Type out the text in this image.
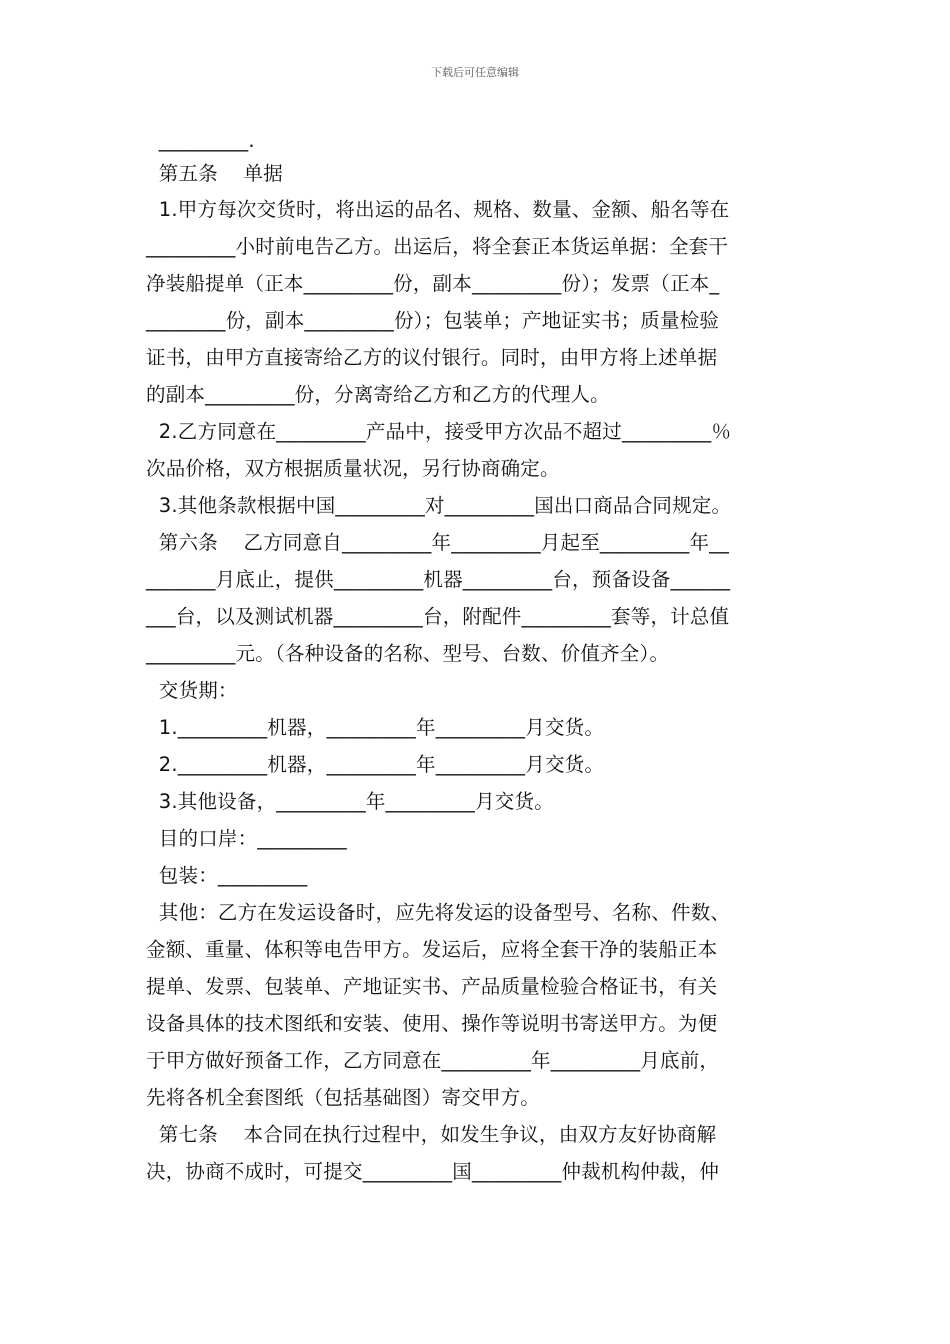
下载后可任意编辑
_________.
第五条    单据
1.甲方每次交货时，将出运的品名、规格、数量、金额、船名等在
_________小时前电告乙方。出运后，将全套正本货运单据：全套干
净装船提单（正本_________份，副本_________份）；发票（正本_
________份，副本_________份）；包装单；产地证实书；质量检验
证书，由甲方直接寄给乙方的议付银行。同时，由甲方将上述单据
的副本_________份，分离寄给乙方和乙方的代理人。
2.乙方同意在_________产品中，接受甲方次品不超过_________％
次品价格，双方根据质量状况，另行协商确定。
3.其他条款根据中国_________对_________国出口商品合同规定。
第六条    乙方同意自_________年_________月起至_________年__
_______月底止，提供_________机器_________台，预备设备______
___台，以及测试机器_________台，附配件_________套等，计总值
_________元。（各种设备的名称、型号、台数、价值齐全）。
交货期：
1._________机器，_________年_________月交货。
2._________机器，_________年_________月交货。
3.其他设备，_________年_________月交货。
目的口岸：_________
包装：_________
其他：乙方在发运设备时，应先将发运的设备型号、名称、件数、
金额、重量、体积等电告甲方。发运后，应将全套干净的装船正本
提单、发票、包装单、产地证实书、产品质量检验合格证书，有关
设备具体的技术图纸和安装、使用、操作等说明书寄送甲方。为便
于甲方做好预备工作，乙方同意在_________年_________月底前，
先将各机全套图纸（包括基础图）寄交甲方。
第七条    本合同在执行过程中，如发生争议，由双方友好协商解
决，协商不成时，可提交_________国_________仲裁机构仲裁，仲
